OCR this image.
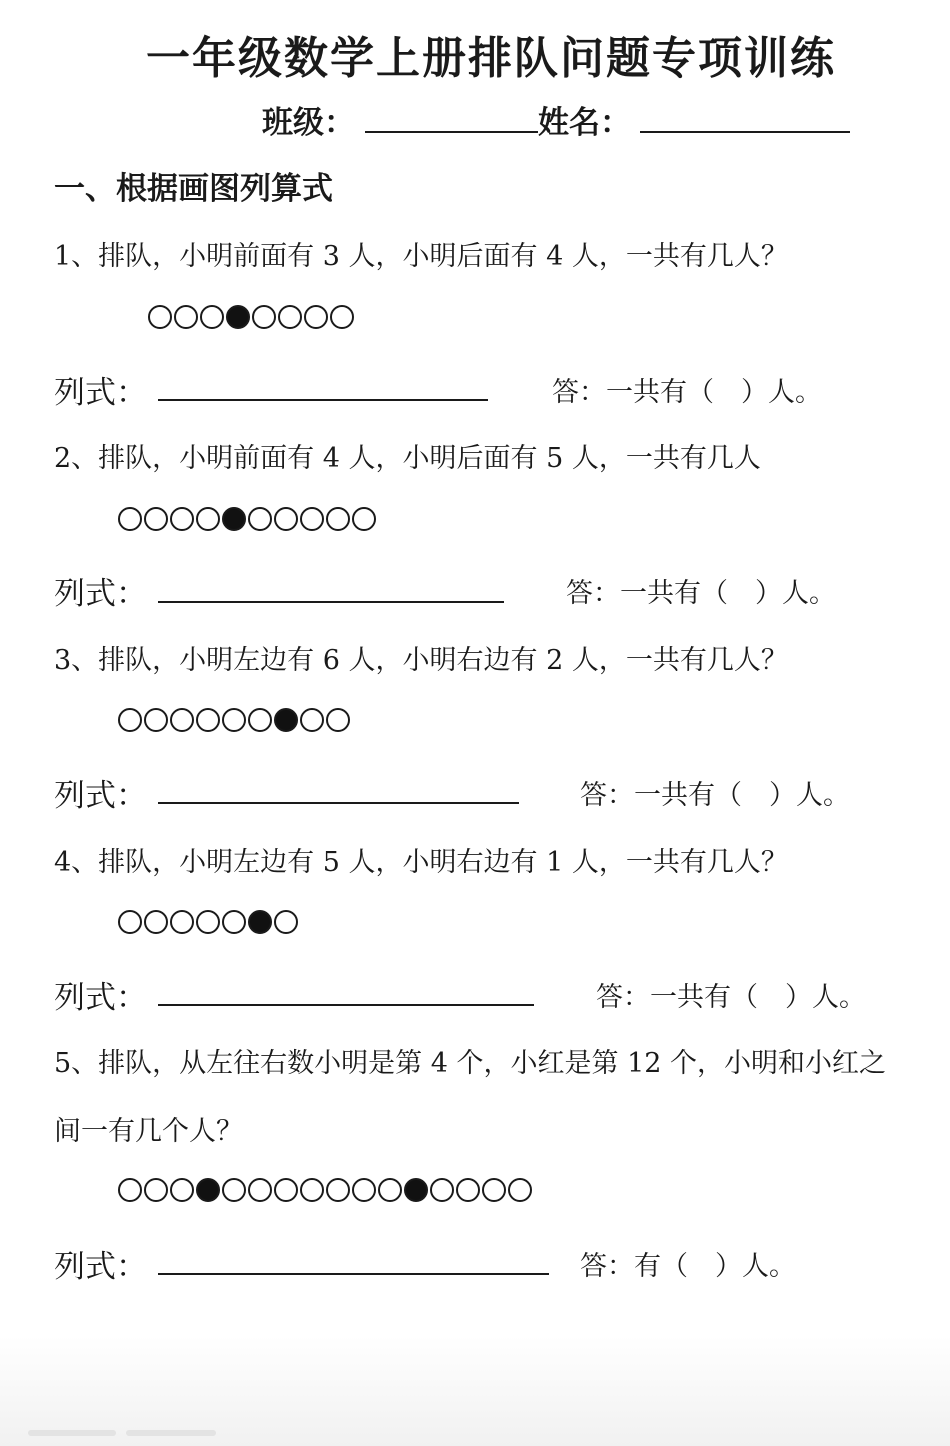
一年级数学上册排队问题专项训练
班级：	姓名：
一、根据画图列算式
1、排队，小明前面有 3 人，小明后面有 4 人，一共有几人？
列式：	答：一共有（　）人。
2、排队，小明前面有 4 人，小明后面有 5 人，一共有几人
列式：	答：一共有（　）人。
3、排队，小明左边有 6 人，小明右边有 2 人，一共有几人？
列式：	答：一共有（　）人。
4、排队，小明左边有 5 人，小明右边有 1 人，一共有几人？
列式：	答：一共有（　）人。
5、排队，从左往右数小明是第 4 个，小红是第 12 个，小明和小红之
间一有几个人？
列式：	答：有（　）人。
